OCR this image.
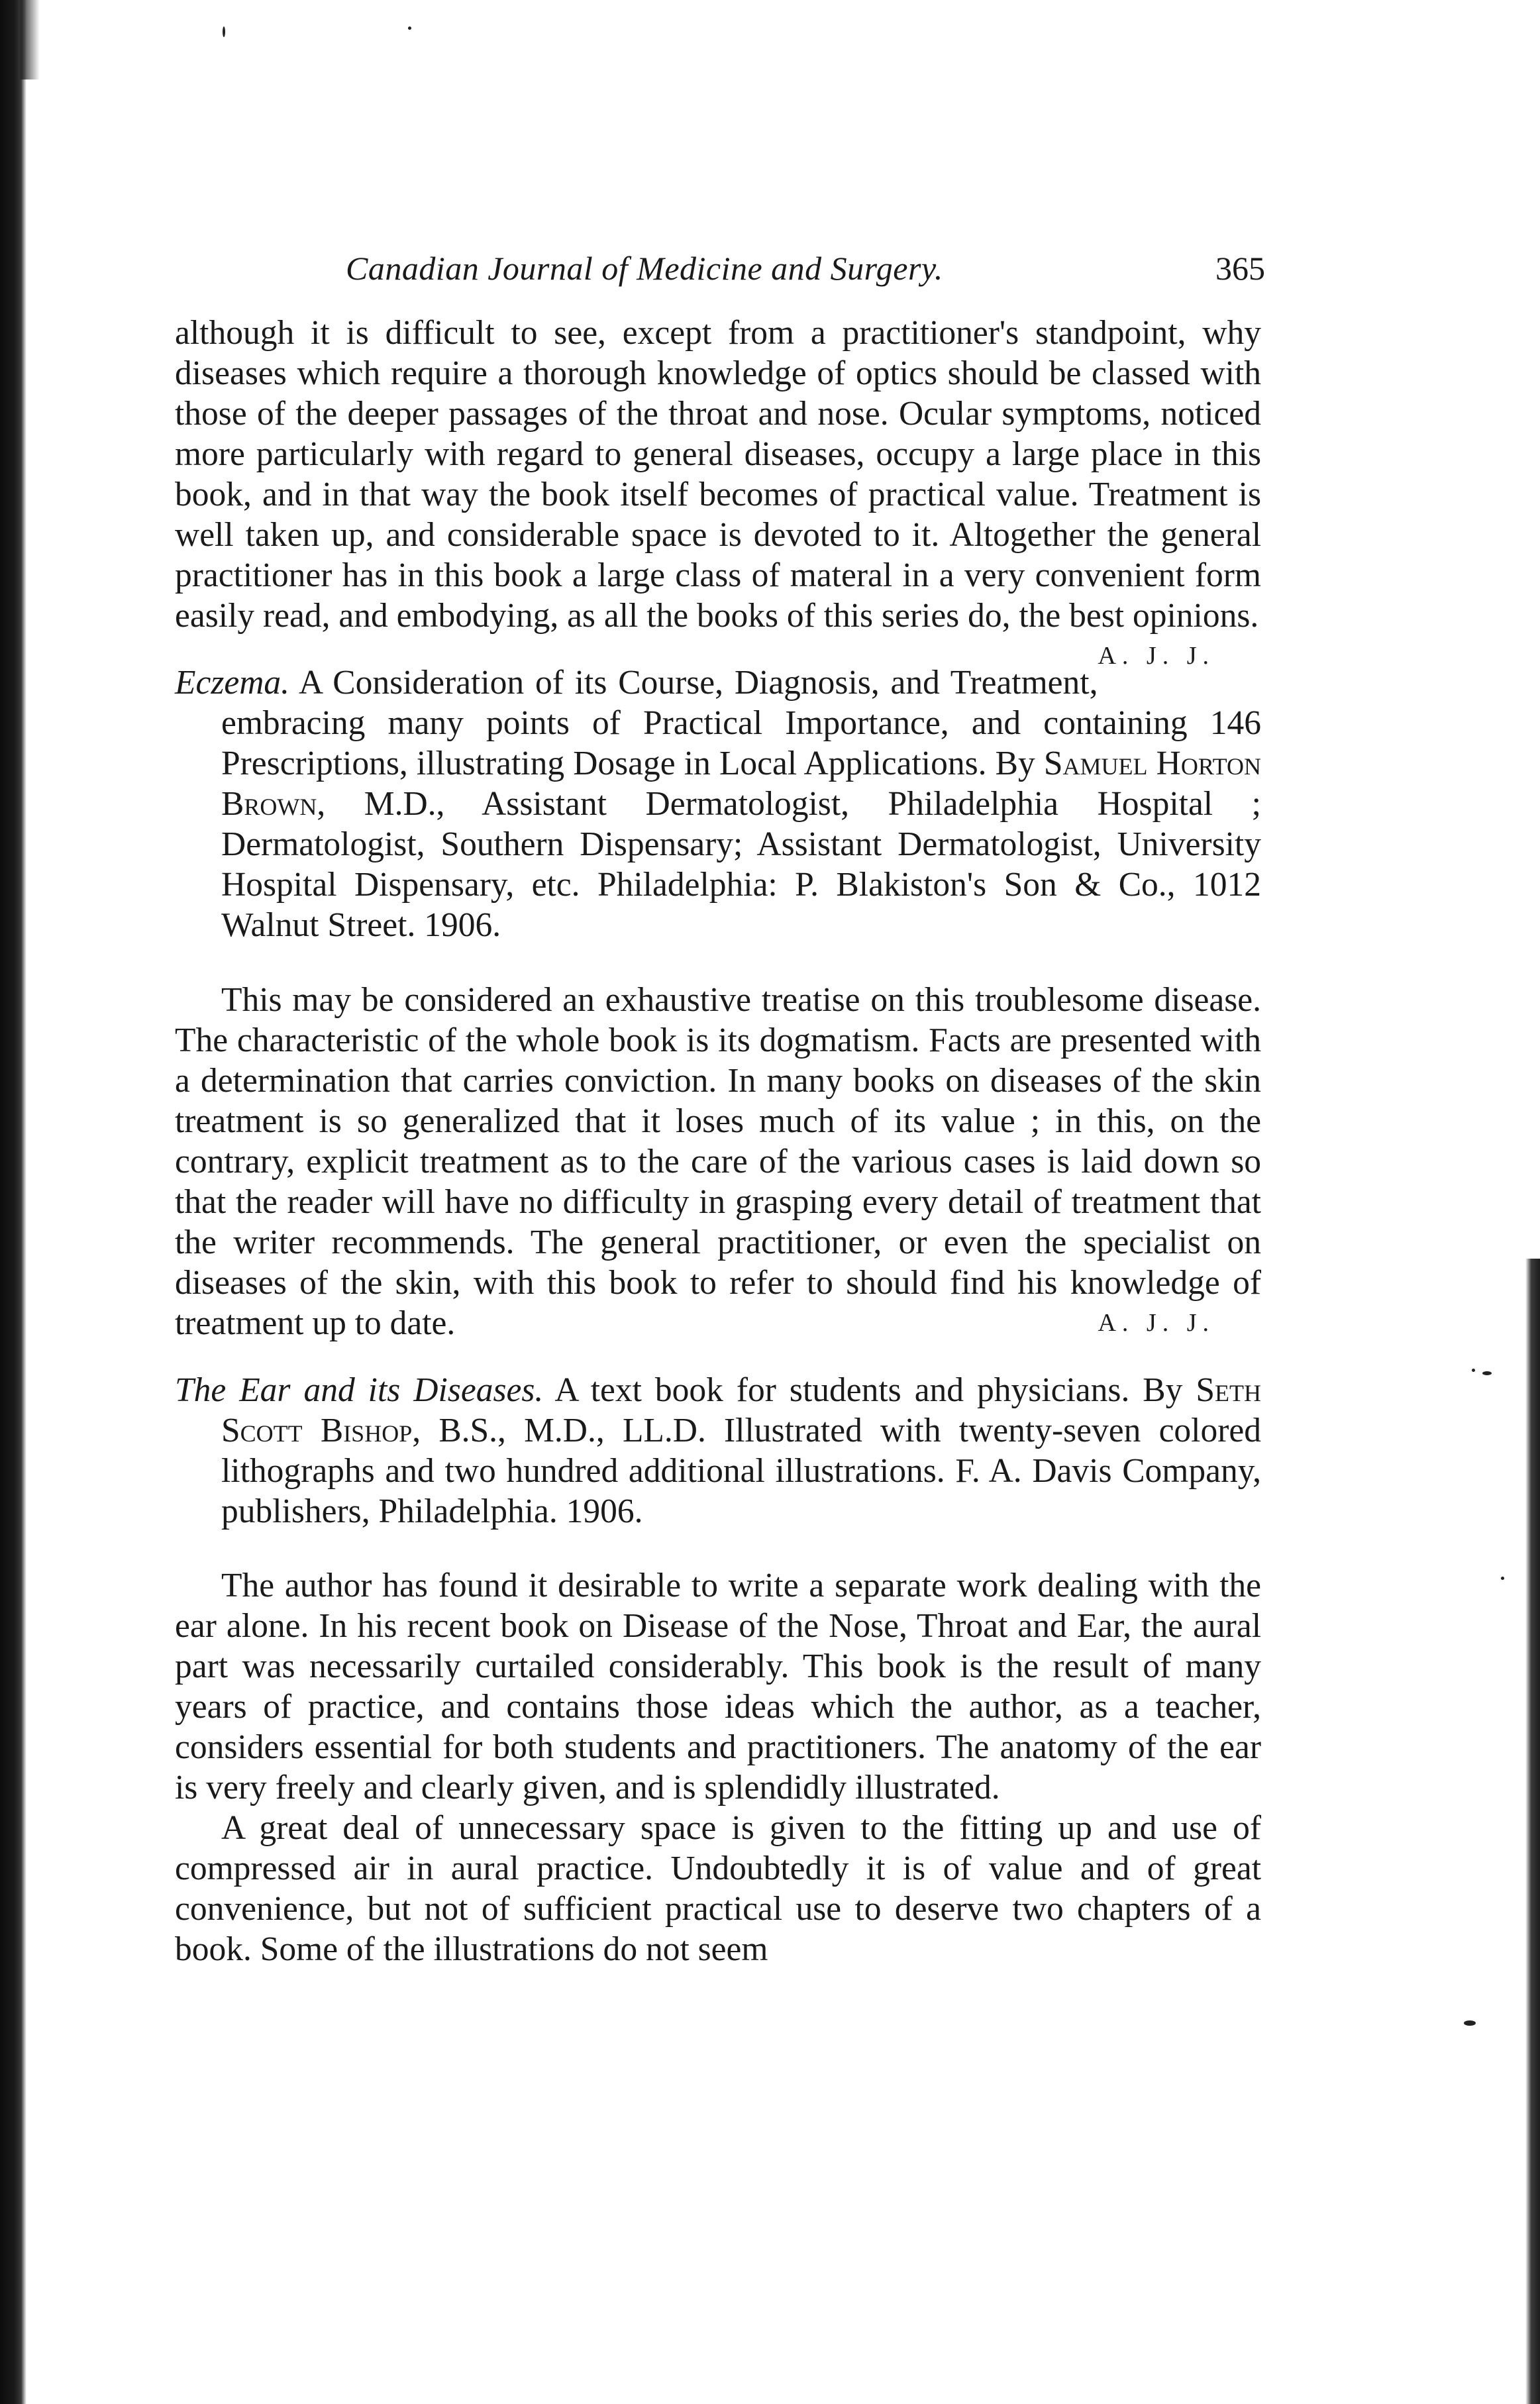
Canadian Journal of Medicine and Surgery.	365

although it is difficult to see, except from a practitioner's standpoint, why diseases which require a thorough knowledge of optics should be classed with those of the deeper passages of the throat and nose. Ocular symptoms, noticed more particularly with regard to general diseases, occupy a large place in this book, and in that way the book itself becomes of practical value. Treatment is well taken up, and considerable space is devoted to it. Altogether the general practitioner has in this book a large class of materal in a very convenient form easily read, and embodying, as all the books of this series do, the best opinions.
A. J. J.

Eczema. A Consideration of its Course, Diagnosis, and Treatment, embracing many points of Practical Importance, and containing 146 Prescriptions, illustrating Dosage in Local Applications. By Samuel Horton Brown, M.D., Assistant Dermatologist, Philadelphia Hospital ; Dermatologist, Southern Dispensary; Assistant Dermatologist, University Hospital Dispensary, etc. Philadelphia: P. Blakiston's Son & Co., 1012 Walnut Street. 1906.

This may be considered an exhaustive treatise on this troublesome disease. The characteristic of the whole book is its dogmatism. Facts are presented with a determination that carries conviction. In many books on diseases of the skin treatment is so generalized that it loses much of its value ; in this, on the contrary, explicit treatment as to the care of the various cases is laid down so that the reader will have no difficulty in grasping every detail of treatment that the writer recommends. The general practitioner, or even the specialist on diseases of the skin, with this book to refer to should find his knowledge of treatment up to date.	A. J. J.

The Ear and its Diseases. A text book for students and physicians. By Seth Scott Bishop, B.S., M.D., LL.D. Illustrated with twenty-seven colored lithographs and two hundred additional illustrations. F. A. Davis Company, publishers, Philadelphia. 1906.

The author has found it desirable to write a separate work dealing with the ear alone. In his recent book on Disease of the Nose, Throat and Ear, the aural part was necessarily curtailed considerably. This book is the result of many years of practice, and contains those ideas which the author, as a teacher, considers essential for both students and practitioners. The anatomy of the ear is very freely and clearly given, and is splendidly illustrated.

A great deal of unnecessary space is given to the fitting up and use of compressed air in aural practice. Undoubtedly it is of value and of great convenience, but not of sufficient practical use to deserve two chapters of a book. Some of the illustrations do not seem
